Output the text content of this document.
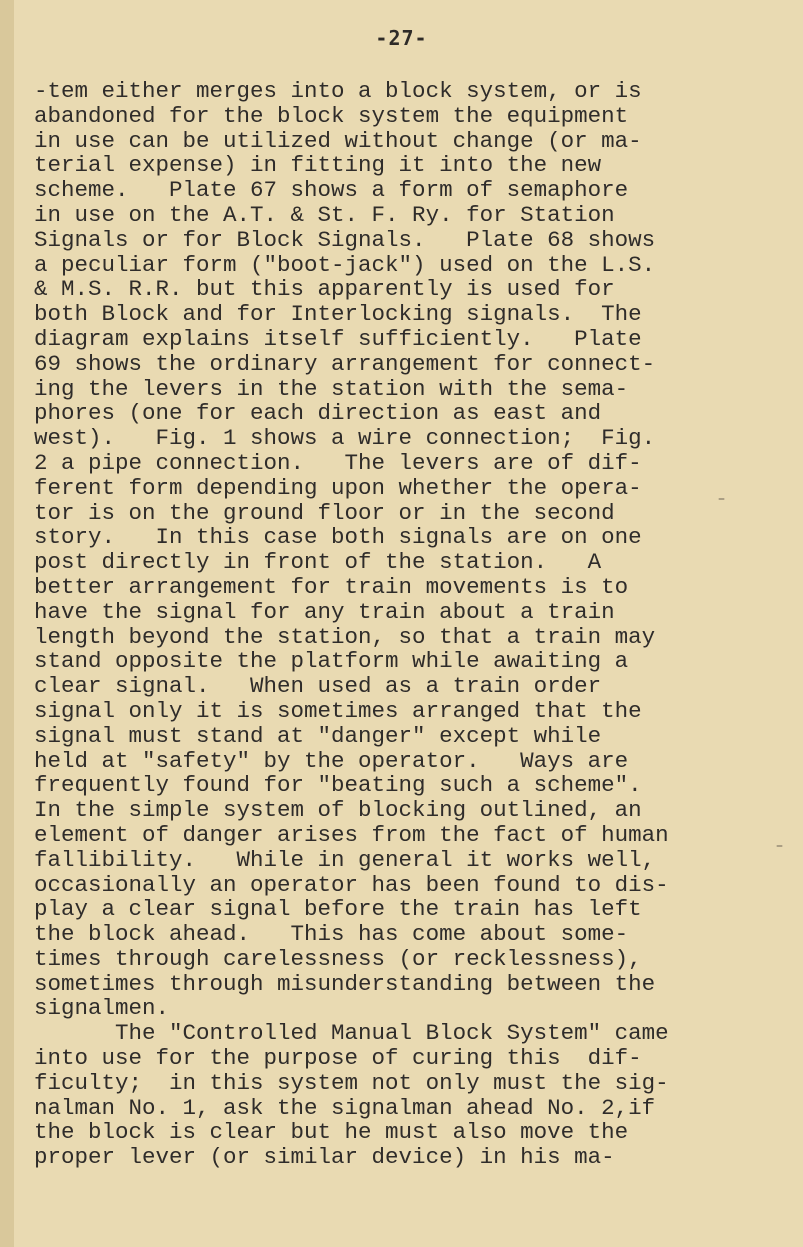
-27-
-tem either merges into a block system, or is
abandoned for the block system the equipment
in use can be utilized without change (or ma-
terial expense) in fitting it into the new
scheme.   Plate 67 shows a form of semaphore
in use on the A.T. & St. F. Ry. for Station
Signals or for Block Signals.   Plate 68 shows
a peculiar form ("boot-jack") used on the L.S.
& M.S. R.R. but this apparently is used for
both Block and for Interlocking signals.  The
diagram explains itself sufficiently.   Plate
69 shows the ordinary arrangement for connect-
ing the levers in the station with the sema-
phores (one for each direction as east and
west).   Fig. 1 shows a wire connection;  Fig.
2 a pipe connection.   The levers are of dif-
ferent form depending upon whether the opera-
tor is on the ground floor or in the second
story.   In this case both signals are on one
post directly in front of the station.   A
better arrangement for train movements is to
have the signal for any train about a train
length beyond the station, so that a train may
stand opposite the platform while awaiting a
clear signal.   When used as a train order
signal only it is sometimes arranged that the
signal must stand at "danger" except while
held at "safety" by the operator.   Ways are
frequently found for "beating such a scheme".
In the simple system of blocking outlined, an
element of danger arises from the fact of human
fallibility.   While in general it works well,
occasionally an operator has been found to dis-
play a clear signal before the train has left
the block ahead.   This has come about some-
times through carelessness (or recklessness),
sometimes through misunderstanding between the
signalmen.
The "Controlled Manual Block System" came
into use for the purpose of curing this  dif-
ficulty;  in this system not only must the sig-
nalman No. 1, ask the signalman ahead No. 2,if
the block is clear but he must also move the
proper lever (or similar device) in his ma-
–
–
